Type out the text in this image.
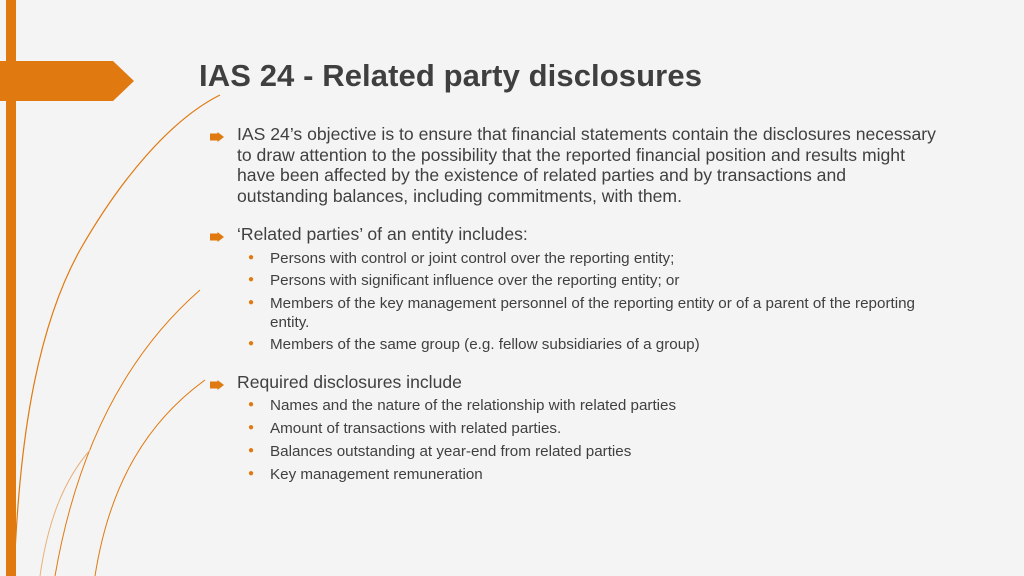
IAS 24 - Related party disclosures
IAS 24’s objective is to ensure that financial statements contain the disclosures necessary to draw attention to the possibility that the reported financial position and results might have been affected by the existence of related parties and by transactions and outstanding balances, including commitments, with them.
‘Related parties’ of an entity includes:
● Persons with control or joint control over the reporting entity;
● Persons with significant influence over the reporting entity; or
● Members of the key management personnel of the reporting entity or of a parent of the reporting entity.
● Members of the same group (e.g. fellow subsidiaries of a group)
Required disclosures include
● Names and the nature of the relationship with related parties
● Amount of transactions with related parties.
● Balances outstanding at year-end from related parties
● Key management remuneration
